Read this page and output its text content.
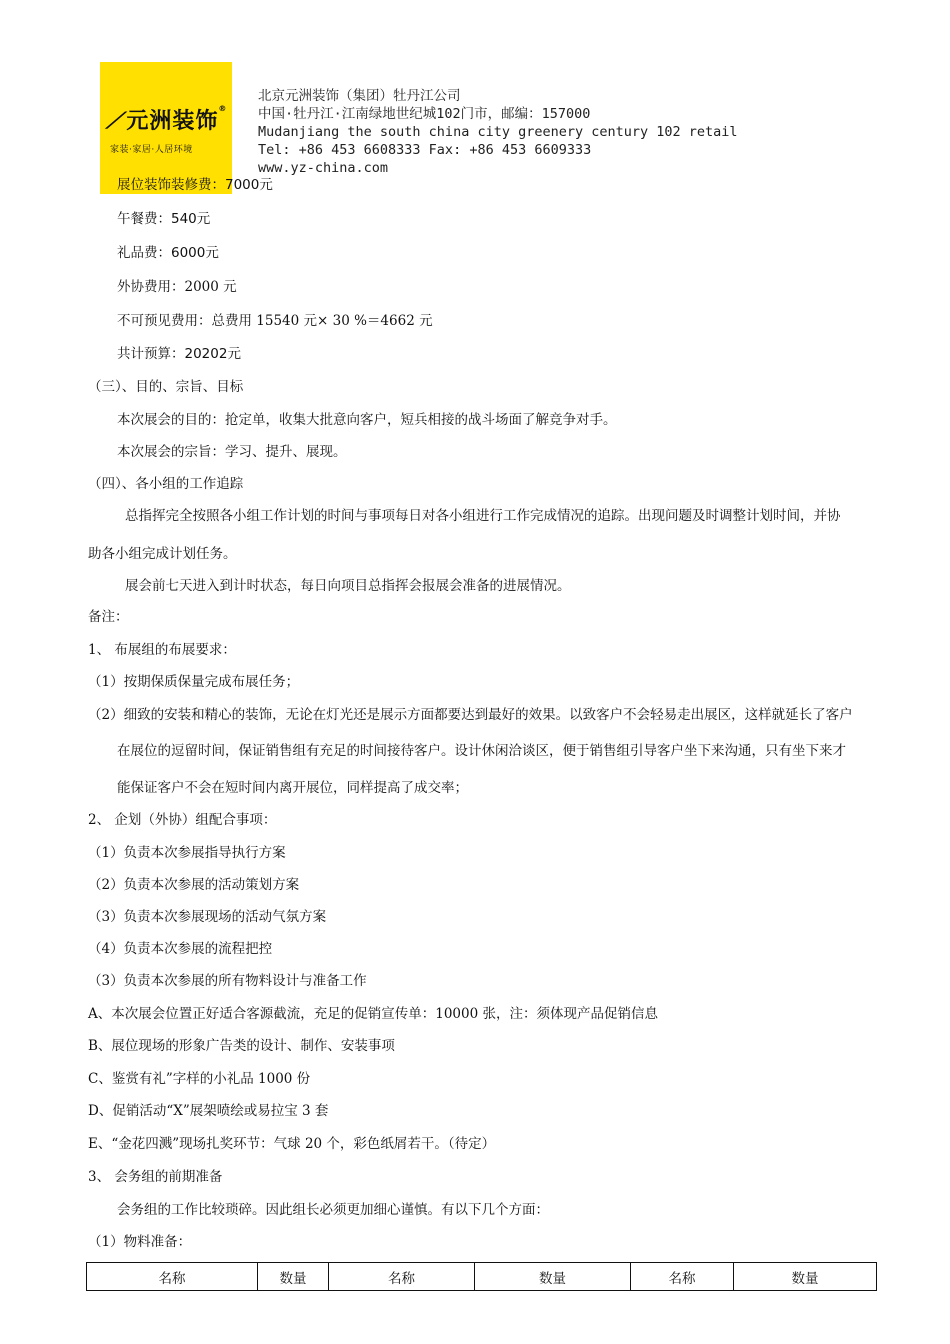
⟋元洲装饰®
家装·家居·人居环境
北京元洲装饰（集团）牡丹江公司
中国·牡丹江·江南绿地世纪城102门市，邮编：157000
Mudanjiang the south china city greenery century 102 retail
Tel: +86 453 6608333 Fax: +86 453 6609333
www.yz-china.com
展位装饰装修费：7000元
午餐费：540元
礼品费：6000元
外协费用：2000 元
不可预见费用：总费用 15540 元× 30 %＝4662 元
共计预算：20202元
（三）、目的、宗旨、目标
本次展会的目的：抢定单，收集大批意向客户，短兵相接的战斗场面了解竞争对手。
本次展会的宗旨：学习、提升、展现。
（四）、各小组的工作追踪
总指挥完全按照各小组工作计划的时间与事项每日对各小组进行工作完成情况的追踪。出现问题及时调整计划时间，并协
助各小组完成计划任务。
展会前七天进入到计时状态，每日向项目总指挥会报展会准备的进展情况。
备注：
1、 布展组的布展要求：
（1）按期保质保量完成布展任务；
（2）细致的安装和精心的装饰，无论在灯光还是展示方面都要达到最好的效果。以致客户不会轻易走出展区，这样就延长了客户
在展位的逗留时间，保证销售组有充足的时间接待客户。设计休闲洽谈区，便于销售组引导客户坐下来沟通，只有坐下来才
能保证客户不会在短时间内离开展位，同样提高了成交率；
2、 企划（外协）组配合事项：
（1）负责本次参展指导执行方案
（2）负责本次参展的活动策划方案
（3）负责本次参展现场的活动气氛方案
（4）负责本次参展的流程把控
（3）负责本次参展的所有物料设计与准备工作
A、本次展会位置正好适合客源截流，充足的促销宣传单：10000 张，注：须体现产品促销信息
B、展位现场的形象广告类的设计、制作、安装事项
C、鉴赏有礼”字样的小礼品 1000 份
D、促销活动“X”展架喷绘或易拉宝 3 套
E、“金花四溅”现场扎奖环节：气球 20 个，彩色纸屑若干。（待定）
3、 会务组的前期准备
会务组的工作比较琐碎。因此组长必须更加细心谨慎。有以下几个方面：
（1）物料准备：
名称	数量	名称	数量	名称	数量
